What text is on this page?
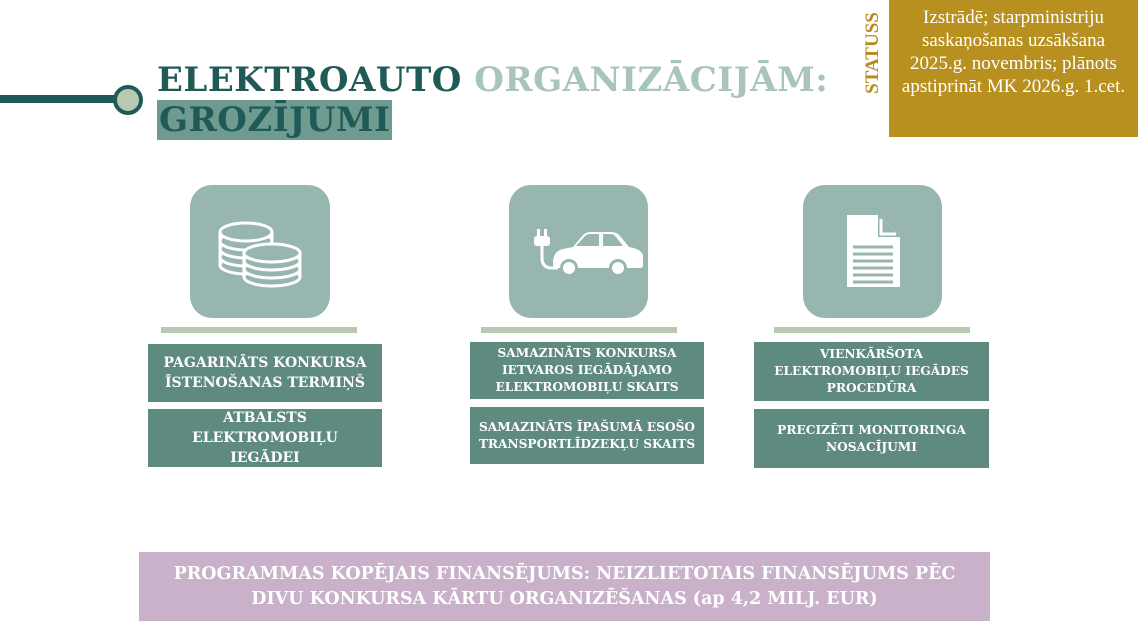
ELEKTROAUTO ORGANIZĀCIJĀM:
GROZĪJUMI
STATUSS	Izstrādē; starpministriju saskaņošanas uzsākšana 2025.g. novembris; plānots apstiprināt MK 2026.g. 1.cet.
PAGARINĀTS KONKURSA ĪSTENOŠANAS TERMIŅŠ
ATBALSTS ELEKTROMOBIĻU IEGĀDEI
SAMAZINĀTS KONKURSA IETVAROS IEGĀDĀJAMO ELEKTROMOBIĻU SKAITS
SAMAZINĀTS ĪPAŠUMĀ ESOŠO TRANSPORTLĪDZEKĻU SKAITS
VIENKĀRŠOTA ELEKTROMOBIĻU IEGĀDES PROCEDŪRA
PRECIZĒTI MONITORINGA NOSACĪJUMI
PROGRAMMAS KOPĒJAIS FINANSĒJUMS: NEIZLIETOTAIS FINANSĒJUMS PĒC DIVU KONKURSA KĀRTU ORGANIZĒŠANAS (ap 4,2 MILJ. EUR)
